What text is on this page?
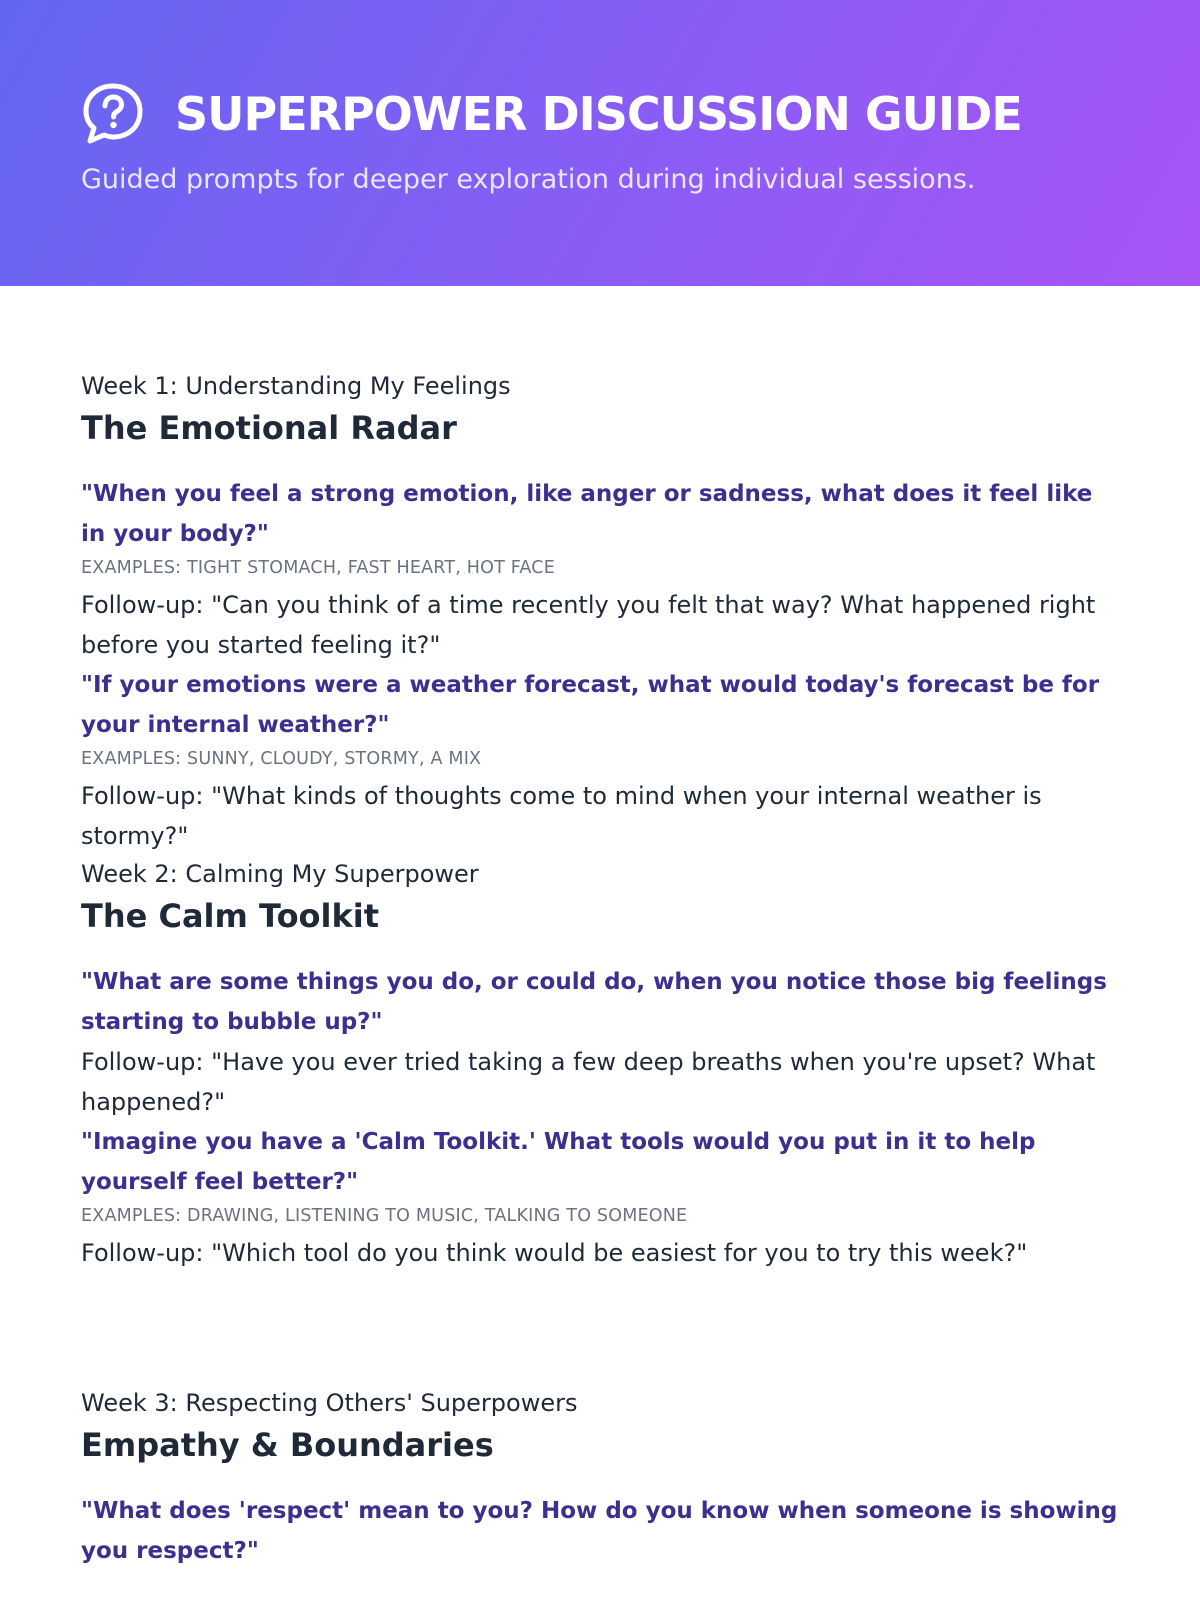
SUPERPOWER DISCUSSION GUIDE
Guided prompts for deeper exploration during individual sessions.
Week 1: Understanding My Feelings
The Emotional Radar
"When you feel a strong emotion, like anger or sadness, what does it feel like in your body?"
EXAMPLES: TIGHT STOMACH, FAST HEART, HOT FACE
Follow-up: "Can you think of a time recently you felt that way? What happened right before you started feeling it?"
"If your emotions were a weather forecast, what would today's forecast be for your internal weather?"
EXAMPLES: SUNNY, CLOUDY, STORMY, A MIX
Follow-up: "What kinds of thoughts come to mind when your internal weather is stormy?"
Week 2: Calming My Superpower
The Calm Toolkit
"What are some things you do, or could do, when you notice those big feelings starting to bubble up?"
Follow-up: "Have you ever tried taking a few deep breaths when you're upset? What happened?"
"Imagine you have a 'Calm Toolkit.' What tools would you put in it to help yourself feel better?"
EXAMPLES: DRAWING, LISTENING TO MUSIC, TALKING TO SOMEONE
Follow-up: "Which tool do you think would be easiest for you to try this week?"
Week 3: Respecting Others' Superpowers
Empathy & Boundaries
"What does 'respect' mean to you? How do you know when someone is showing you respect?"
